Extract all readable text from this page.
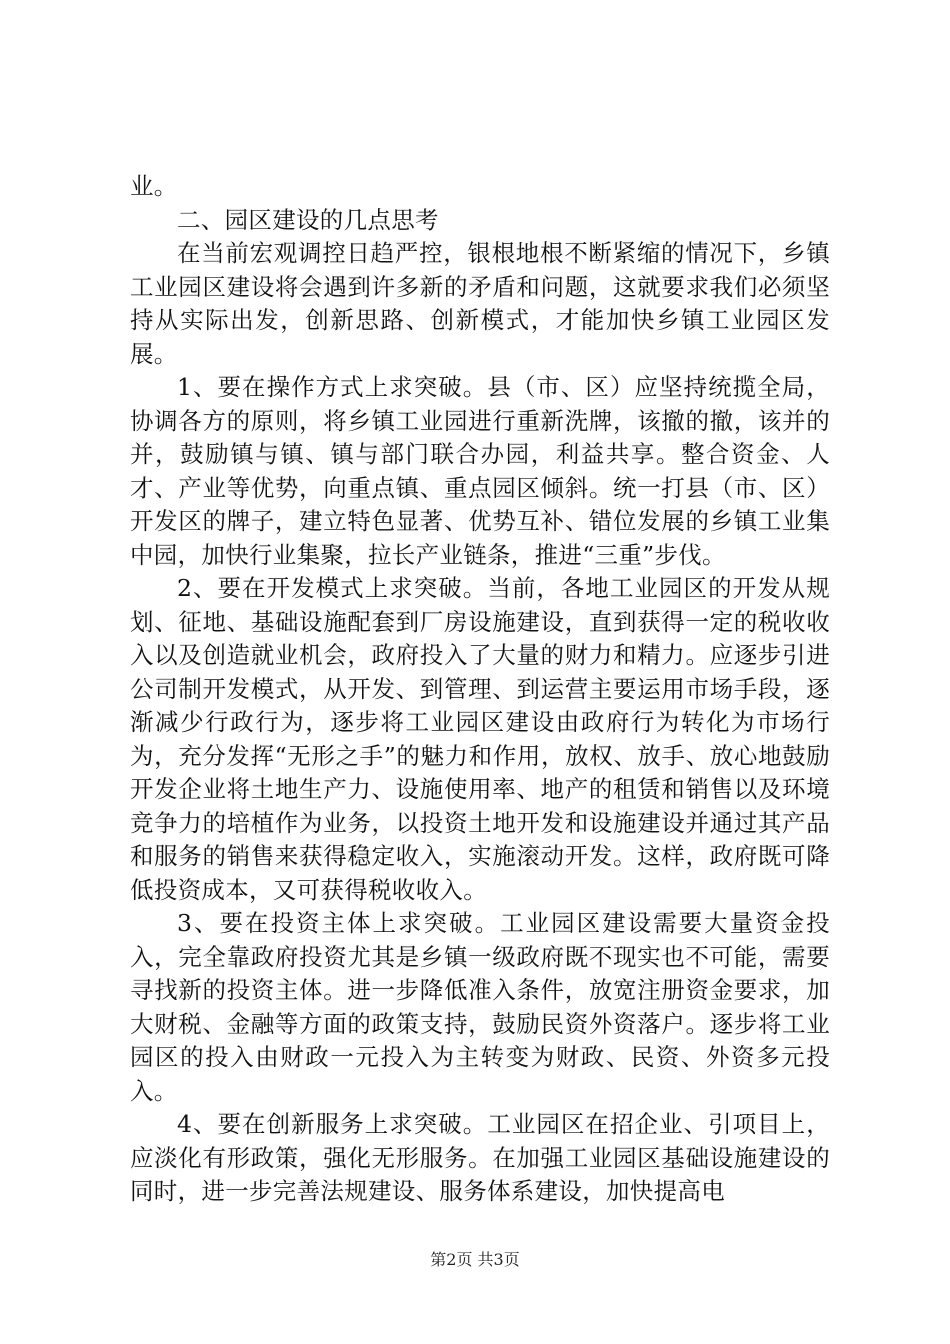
业。

二、园区建设的几点思考

在当前宏观调控日趋严控，银根地根不断紧缩的情况下，乡镇工业园区建设将会遇到许多新的矛盾和问题，这就要求我们必须坚持从实际出发，创新思路、创新模式，才能加快乡镇工业园区发展。

1、要在操作方式上求突破。县（市、区）应坚持统揽全局，协调各方的原则，将乡镇工业园进行重新洗牌，该撤的撤，该并的并，鼓励镇与镇、镇与部门联合办园，利益共享。整合资金、人才、产业等优势，向重点镇、重点园区倾斜。统一打县（市、区）开发区的牌子，建立特色显著、优势互补、错位发展的乡镇工业集中园，加快行业集聚，拉长产业链条，推进“三重”步伐。

2、要在开发模式上求突破。当前，各地工业园区的开发从规划、征地、基础设施配套到厂房设施建设，直到获得一定的税收收入以及创造就业机会，政府投入了大量的财力和精力。应逐步引进公司制开发模式，从开发、到管理、到运营主要运用市场手段，逐渐减少行政行为，逐步将工业园区建设由政府行为转化为市场行为，充分发挥“无形之手”的魅力和作用，放权、放手、放心地鼓励开发企业将土地生产力、设施使用率、地产的租赁和销售以及环境竞争力的培植作为业务，以投资土地开发和设施建设并通过其产品和服务的销售来获得稳定收入，实施滚动开发。这样，政府既可降低投资成本，又可获得税收收入。

3、要在投资主体上求突破。工业园区建设需要大量资金投入，完全靠政府投资尤其是乡镇一级政府既不现实也不可能，需要寻找新的投资主体。进一步降低准入条件，放宽注册资金要求，加大财税、金融等方面的政策支持，鼓励民资外资落户。逐步将工业园区的投入由财政一元投入为主转变为财政、民资、外资多元投入。

4、要在创新服务上求突破。工业园区在招企业、引项目上，应淡化有形政策，强化无形服务。在加强工业园区基础设施建设的同时，进一步完善法规建设、服务体系建设，加快提高电

第2页 共3页
